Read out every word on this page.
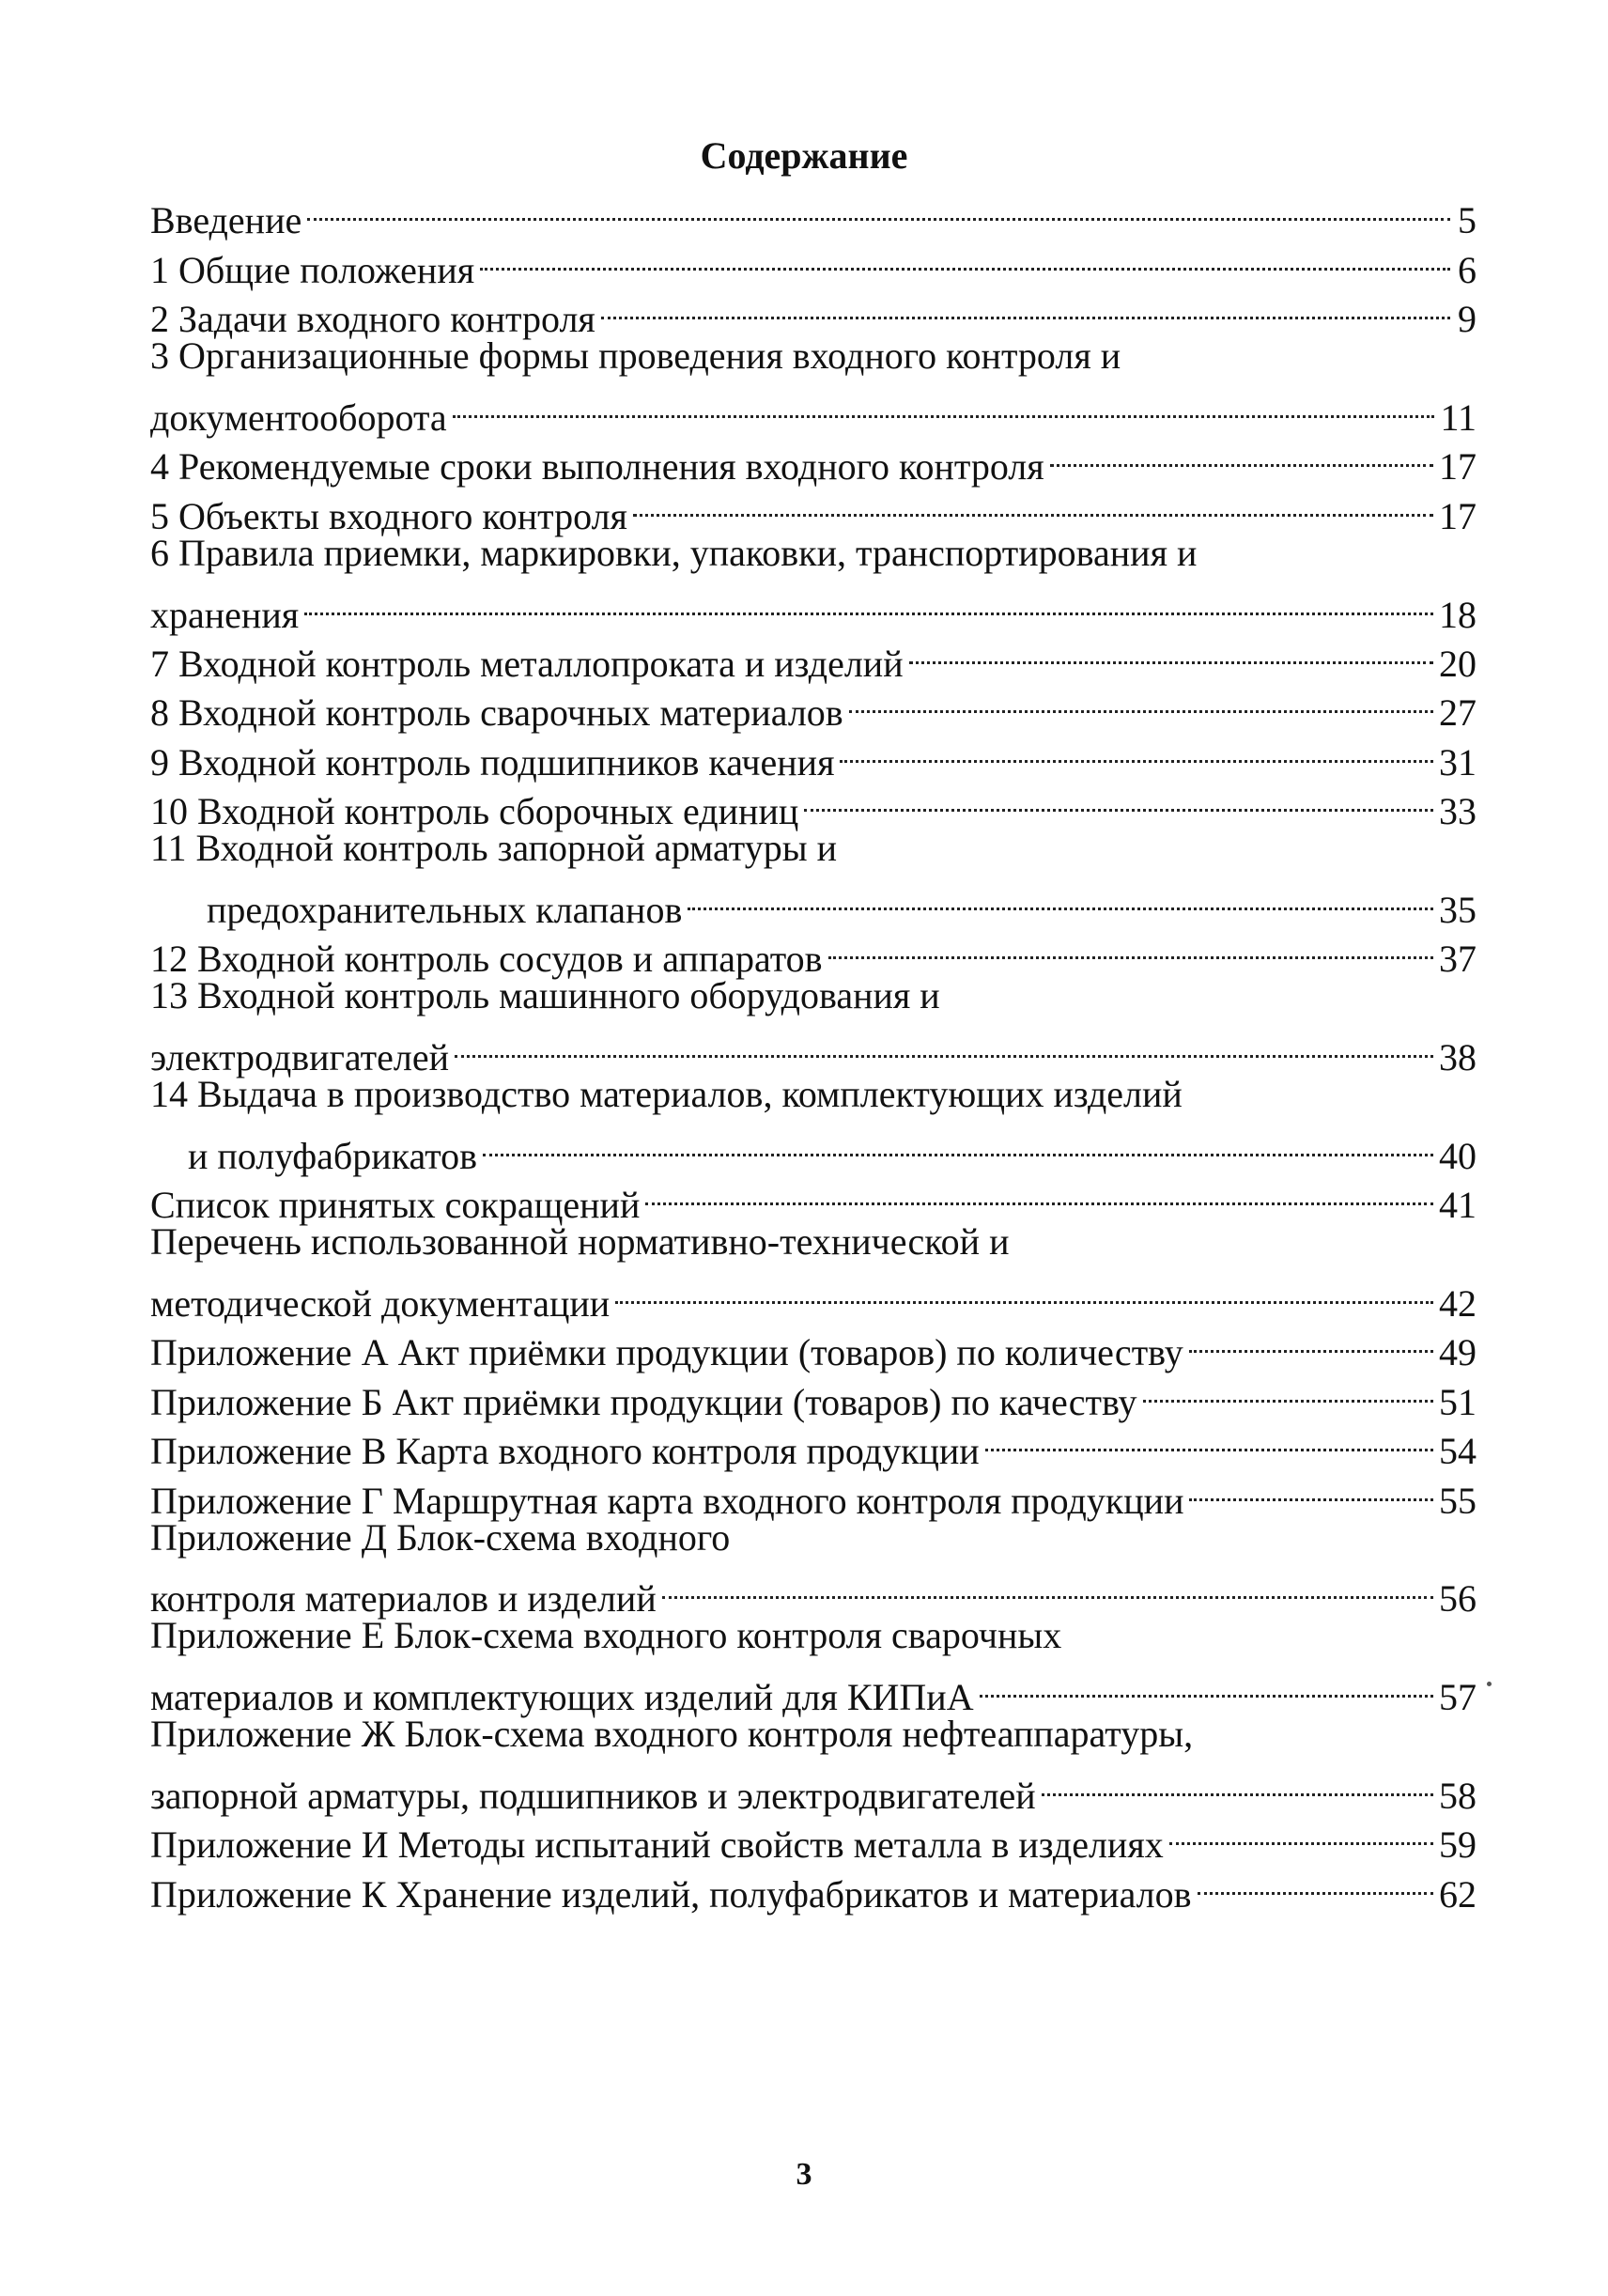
Содержание
Введение	5
1 Общие положения	6
2 Задачи входного контроля	9
3 Организационные формы проведения входного контроля и
документооборота	11
4 Рекомендуемые сроки выполнения входного контроля	17
5 Объекты входного контроля	17
6 Правила приемки, маркировки, упаковки, транспортирования и
хранения	18
7 Входной контроль металлопроката и изделий	20
8 Входной контроль сварочных материалов	27
9 Входной контроль подшипников качения	31
10 Входной контроль сборочных единиц	33
11 Входной контроль запорной арматуры и
предохранительных клапанов	35
12 Входной контроль сосудов и аппаратов	37
13 Входной контроль машинного оборудования и
электродвигателей	38
14 Выдача в производство материалов, комплектующих изделий
и полуфабрикатов	40
Список принятых сокращений	41
Перечень использованной нормативно-технической и
методической документации	42
Приложение А Акт приёмки продукции (товаров) по количеству	49
Приложение Б Акт приёмки продукции (товаров) по качеству	51
Приложение В Карта входного контроля продукции	54
Приложение Г Маршрутная карта входного контроля продукции	55
Приложение Д Блок-схема входного
контроля материалов и изделий	56
Приложение Е Блок-схема входного контроля сварочных
материалов и комплектующих изделий для КИПиА	57
Приложение Ж Блок-схема входного контроля нефтеаппаратуры,
запорной арматуры, подшипников и электродвигателей	58
Приложение И Методы испытаний свойств металла в изделиях	59
Приложение К Хранение изделий, полуфабрикатов и материалов	62
3
